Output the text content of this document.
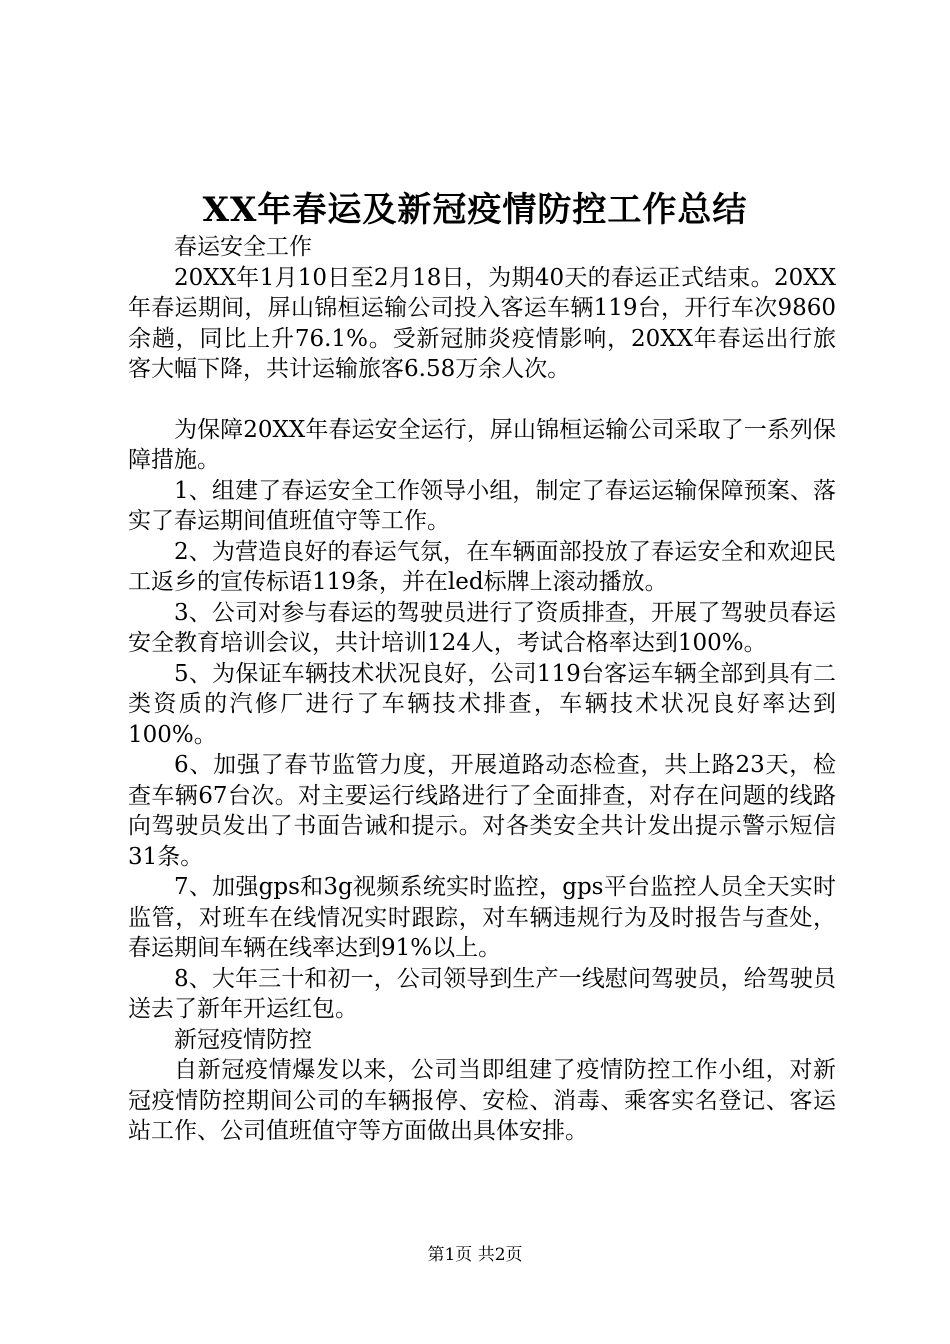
XX年春运及新冠疫情防控工作总结

春运安全工作

20XX年1月10日至2月18日，为期40天的春运正式结束。20XX年春运期间，屏山锦桓运输公司投入客运车辆119台，开行车次9860余趟，同比上升76.1%。受新冠肺炎疫情影响，20XX年春运出行旅客大幅下降，共计运输旅客6.58万余人次。

为保障20XX年春运安全运行，屏山锦桓运输公司采取了一系列保障措施。

1、组建了春运安全工作领导小组，制定了春运运输保障预案、落实了春运期间值班值守等工作。

2、为营造良好的春运气氛，在车辆面部投放了春运安全和欢迎民工返乡的宣传标语119条，并在led标牌上滚动播放。

3、公司对参与春运的驾驶员进行了资质排查，开展了驾驶员春运安全教育培训会议，共计培训124人，考试合格率达到100%。

5、为保证车辆技术状况良好，公司119台客运车辆全部到具有二类资质的汽修厂进行了车辆技术排查，车辆技术状况良好率达到100%。

6、加强了春节监管力度，开展道路动态检查，共上路23天，检查车辆67台次。对主要运行线路进行了全面排查，对存在问题的线路向驾驶员发出了书面告诫和提示。对各类安全共计发出提示警示短信31条。

7、加强gps和3g视频系统实时监控，gps平台监控人员全天实时监管，对班车在线情况实时跟踪，对车辆违规行为及时报告与查处，春运期间车辆在线率达到91%以上。

8、大年三十和初一，公司领导到生产一线慰问驾驶员，给驾驶员送去了新年开运红包。

新冠疫情防控

自新冠疫情爆发以来，公司当即组建了疫情防控工作小组，对新冠疫情防控期间公司的车辆报停、安检、消毒、乘客实名登记、客运站工作、公司值班值守等方面做出具体安排。

第1页 共2页
